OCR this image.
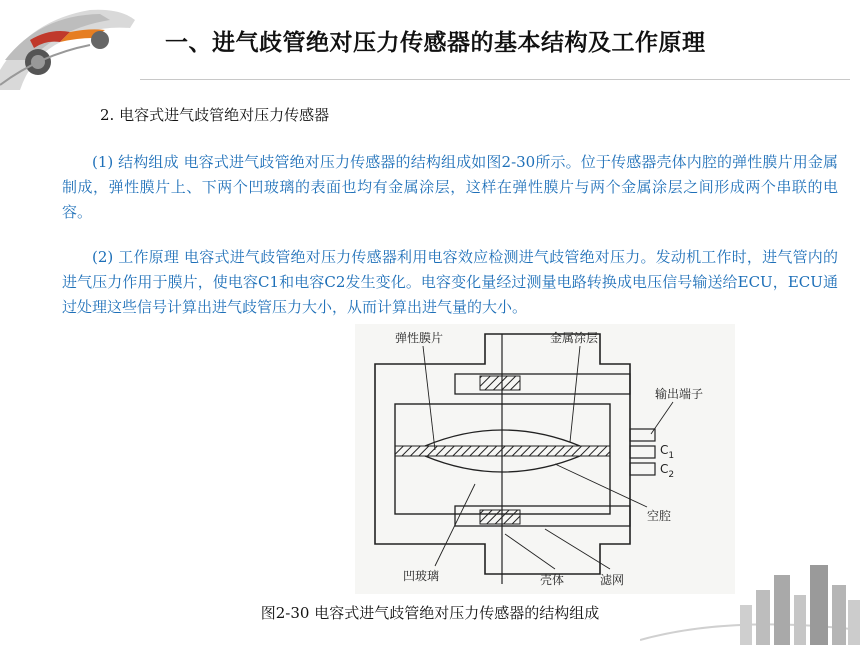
一、进气歧管绝对压力传感器的基本结构及工作原理
2. 电容式进气歧管绝对压力传感器

(1) 结构组成 电容式进气歧管绝对压力传感器的结构组成如图2-30所示。位于传感器壳体内腔的弹性膜片用金属制成，弹性膜片上、下两个凹玻璃的表面也均有金属涂层，这样在弹性膜片与两个金属涂层之间形成两个串联的电容。

(2) 工作原理 电容式进气歧管绝对压力传感器利用电容效应检测进气歧管绝对压力。发动机工作时，进气管内的进气压力作用于膜片，使电容C1和电容C2发生变化。电容变化量经过测量电路转换成电压信号输送给ECU，ECU通过处理这些信号计算出进气歧管压力大小，从而计算出进气量的大小。

弹性膜片	金属涂层
输出端子
$C_1$
$C_2$
空腔
凹玻璃	壳体	滤网

图2-30 电容式进气歧管绝对压力传感器的结构组成
